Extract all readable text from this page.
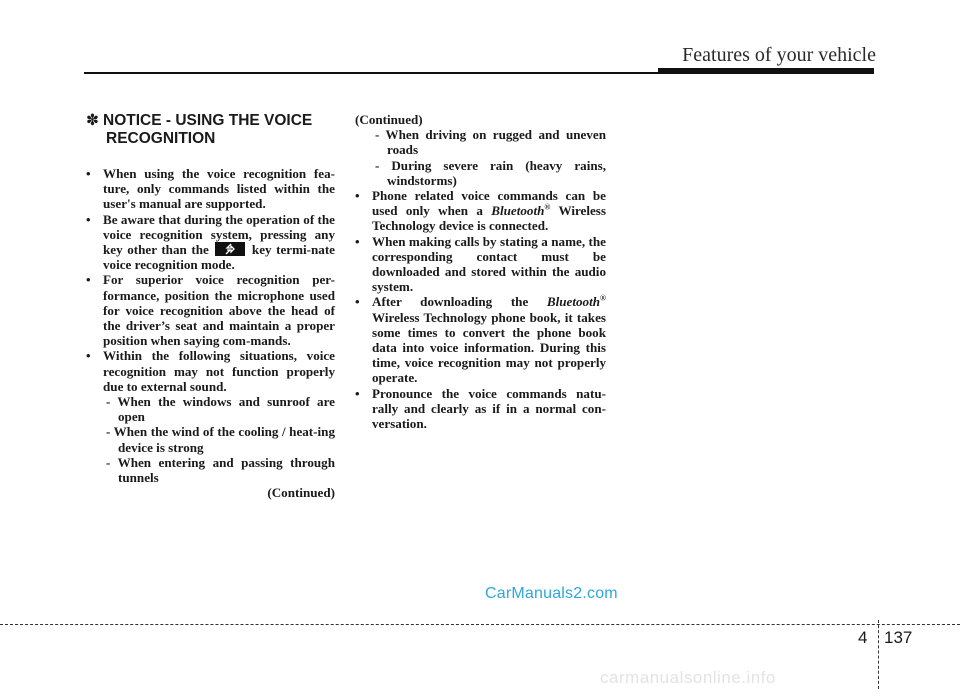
Features of your vehicle
✽ NOTICE - USING THE VOICE
RECOGNITION
• When using the voice recognition fea-ture, only commands listed within the user's manual are supported.
• Be aware that during the operation of the voice recognition system, pressing any key other than the	key termi-nate voice recognition mode.
• For superior voice recognition per-formance, position the microphone used for voice recognition above the head of the driver’s seat and maintain a proper position when saying com-mands.
• Within the following situations, voice recognition may not function properly due to external sound.
- When the windows and sunroof are open
- When the wind of the cooling / heat-ing device is strong
- When entering and passing through tunnels
(Continued)
(Continued)
- When driving on rugged and uneven roads
- During severe rain (heavy rains, windstorms)
• Phone related voice commands can be used only when a Bluetooth® Wireless Technology device is connected.
• When making calls by stating a name, the corresponding contact must be downloaded and stored within the audio system.
• After downloading the Bluetooth® Wireless Technology phone book, it takes some times to convert the phone book data into voice information. During this time, voice recognition may not properly operate.
• Pronounce the voice commands natu-rally and clearly as if in a normal con-versation.
CarManuals2.com
4 137
carmanualsonline.info
